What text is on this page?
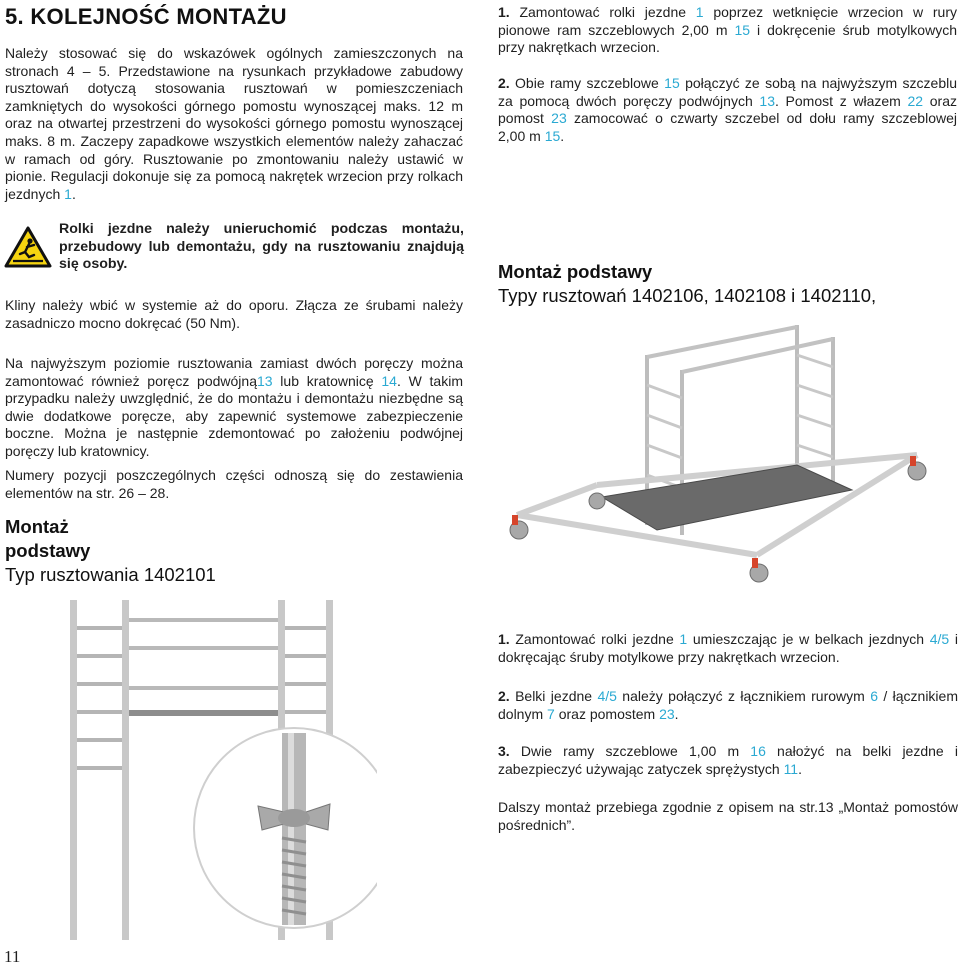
5. KOLEJNOŚĆ MONTAŻU
Należy stosować się do wskazówek ogólnych zamieszczonych na stronach 4 – 5. Przedstawione na rysunkach przykładowe zabudowy rusztowań dotyczą stosowania rusztowań w pomieszczeniach zamkniętych do wysokości górnego pomostu wynoszącej maks. 12 m oraz na otwartej przestrzeni do wysokości górnego pomostu wynoszącej maks. 8 m. Zaczepy zapadkowe wszystkich elementów należy zahaczać w ramach od góry. Rusztowanie po zmontowaniu należy ustawić w pionie. Regulacji dokonuje się za pomocą nakrętek wrzecion przy rolkach jezdnych 1.
1. Zamontować rolki jezdne 1 poprzez wetknięcie wrzecion w rury pionowe ram szczeblowych 2,00 m 15 i dokręcenie śrub motylkowych przy nakrętkach wrzecion.
2. Obie ramy szczeblowe 15 połączyć ze sobą na najwyższym szczeblu za pomocą dwóch poręczy podwójnych 13. Pomost z włazem 22 oraz pomost 23 zamocować o czwarty szczebel od dołu ramy szczeblowej 2,00 m 15.
Rolki jezdne należy unieruchomić podczas montażu, przebudowy lub demontażu, gdy na rusztowaniu znajdują się osoby.
Kliny należy wbić w systemie aż do oporu. Złącza ze śrubami należy zasadniczo mocno dokręcać (50 Nm).
Na najwyższym poziomie rusztowania zamiast dwóch poręczy można zamontować również poręcz podwójną13 lub kratownicę 14. W takim przypadku należy uwzględnić, że do montażu i demontażu niezbędne są dwie dodatkowe poręcze, aby zapewnić systemowe zabezpieczenie boczne. Można je następnie zdemontować po założeniu podwójnej poręczy lub kratownicy.
Numery pozycji poszczególnych części odnoszą się do zestawienia elementów na str. 26 – 28.
Montaż
podstawy
Typ rusztowania 1402101
Montaż podstawy
Typy rusztowań 1402106, 1402108 i 1402110,
1. Zamontować rolki jezdne 1 umieszczając je w belkach jezdnych 4/5 i dokręcając śruby motylkowe przy nakrętkach wrzecion.
2. Belki jezdne 4/5 należy połączyć z łącznikiem rurowym 6 / łącznikiem dolnym 7 oraz pomostem 23.
3. Dwie ramy szczeblowe 1,00 m 16 nałożyć na belki jezdne i zabezpieczyć używając zatyczek sprężystych 11.
Dalszy montaż przebiega zgodnie z opisem na str.13 „Montaż pomostów pośrednich”.
11
